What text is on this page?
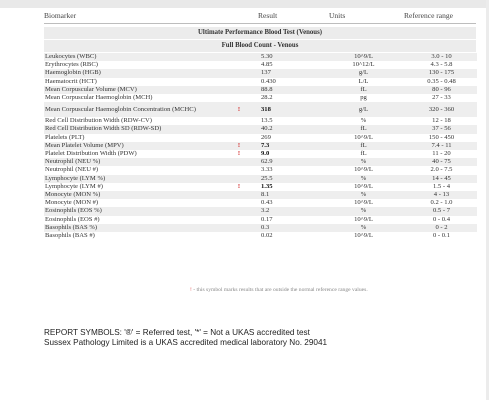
Biomarker	Result	Units	Reference range
Ultimate Performance Blood Test (Venous)
Full Blood Count - Venous
Leukocytes (WBC)		5.30	10^9/L	3.0 - 10
Erythrocytes (RBC)		4.85	10^12/L	4.3 - 5.8
Haemoglobin (HGB)		137	g/L	130 - 175
Haematocrit (HCT)		0.430	L/L	0.35 - 0.48
Mean Corpuscular Volume (MCV)		88.8	fL	80 - 96
Mean Corpuscular Haemoglobin (MCH)		28.2	pg	27 - 33
Mean Corpuscular Haemoglobin Concentration (MCHC)	!	318	g/L	320 - 360
Red Cell Distribution Width (RDW-CV)		13.5	%	12 - 18
Red Cell Distribution Width SD (RDW-SD)		40.2	fL	37 - 56
Platelets (PLT)		269	10^9/L	150 - 450
Mean Platelet Volume (MPV)	!	7.3	fL	7.4 - 11
Platelet Distribution Width (PDW)	!	9.0	fL	11 - 20
Neutrophil (NEU %)		62.9	%	40 - 75
Neutrophil (NEU #)		3.33	10^9/L	2.0 - 7.5
Lymphocyte (LYM %)		25.5	%	14 - 45
Lymphocyte (LYM #)	!	1.35	10^9/L	1.5 - 4
Monocyte (MON %)		8.1	%	4 - 13
Monocyte (MON #)		0.43	10^9/L	0.2 - 1.0
Eosinophils (EOS %)		3.2	%	0.5 - 7
Eosinophils (EOS #)		0.17	10^9/L	0 - 0.4
Basophils (BAS %)		0.3	%	0 - 2
Basophils (BAS #)		0.02	10^9/L	0 - 0.1
! - this symbol marks results that are outside the normal reference range values.
REPORT SYMBOLS: '®' = Referred test, '*' = Not a UKAS accredited test
Sussex Pathology Limited is a UKAS accredited medical laboratory No. 29041
